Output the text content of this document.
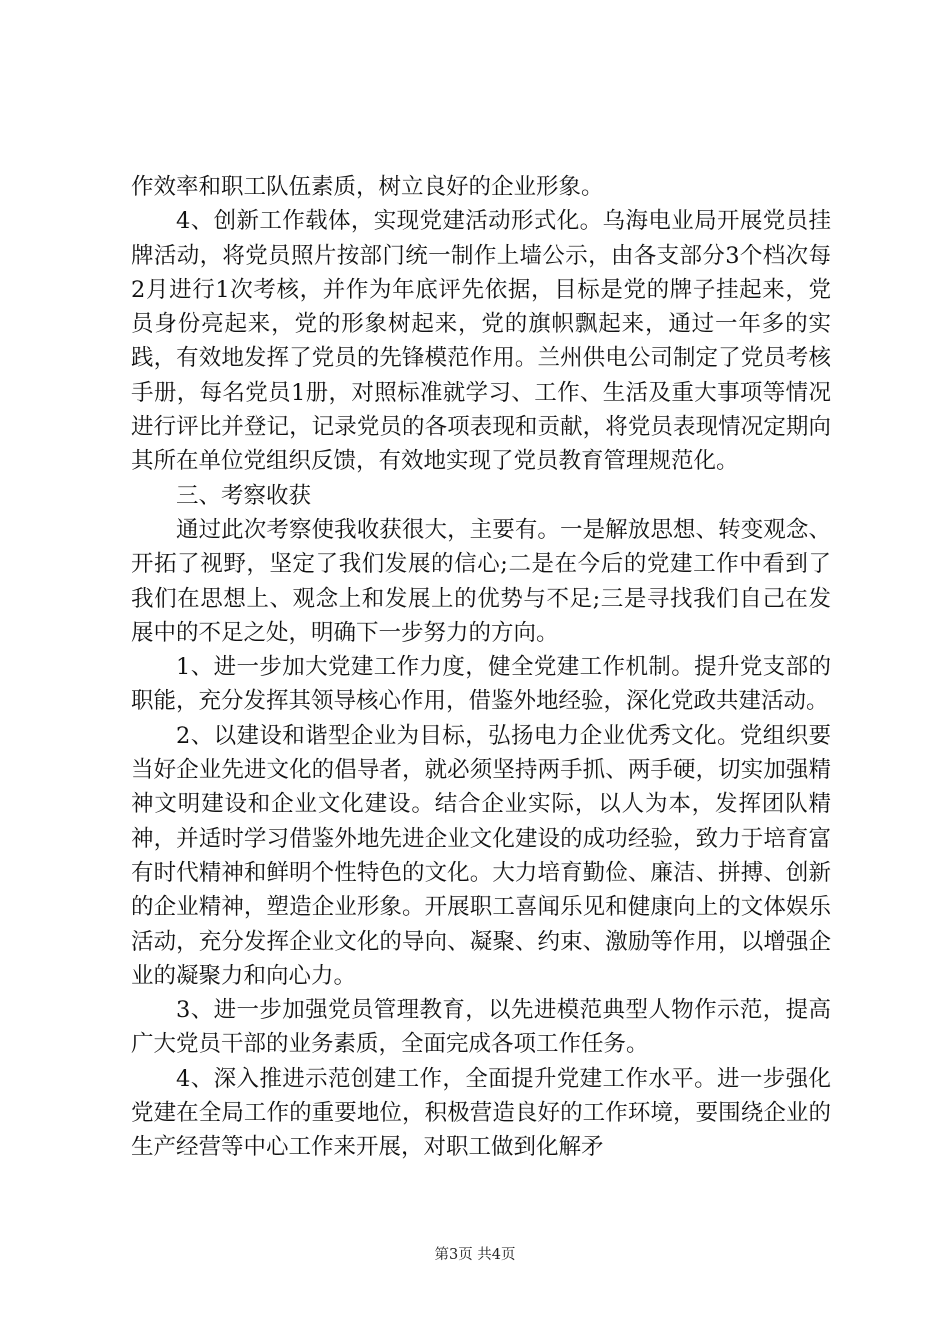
作效率和职工队伍素质，树立良好的企业形象。

4、创新工作载体，实现党建活动形式化。乌海电业局开展党员挂牌活动，将党员照片按部门统一制作上墙公示，由各支部分3个档次每2月进行1次考核，并作为年底评先依据，目标是党的牌子挂起来，党员身份亮起来，党的形象树起来，党的旗帜飘起来，通过一年多的实践，有效地发挥了党员的先锋模范作用。兰州供电公司制定了党员考核手册，每名党员1册，对照标准就学习、工作、生活及重大事项等情况进行评比并登记，记录党员的各项表现和贡献，将党员表现情况定期向其所在单位党组织反馈，有效地实现了党员教育管理规范化。

三、考察收获

通过此次考察使我收获很大，主要有。一是解放思想、转变观念、开拓了视野，坚定了我们发展的信心;二是在今后的党建工作中看到了我们在思想上、观念上和发展上的优势与不足;三是寻找我们自己在发展中的不足之处，明确下一步努力的方向。

1、进一步加大党建工作力度，健全党建工作机制。提升党支部的职能，充分发挥其领导核心作用，借鉴外地经验，深化党政共建活动。

2、以建设和谐型企业为目标，弘扬电力企业优秀文化。党组织要当好企业先进文化的倡导者，就必须坚持两手抓、两手硬，切实加强精神文明建设和企业文化建设。结合企业实际，以人为本，发挥团队精神，并适时学习借鉴外地先进企业文化建设的成功经验，致力于培育富有时代精神和鲜明个性特色的文化。大力培育勤俭、廉洁、拼搏、创新的企业精神，塑造企业形象。开展职工喜闻乐见和健康向上的文体娱乐活动，充分发挥企业文化的导向、凝聚、约束、激励等作用，以增强企业的凝聚力和向心力。

3、进一步加强党员管理教育，以先进模范典型人物作示范，提高广大党员干部的业务素质，全面完成各项工作任务。

4、深入推进示范创建工作，全面提升党建工作水平。进一步强化党建在全局工作的重要地位，积极营造良好的工作环境，要围绕企业的生产经营等中心工作来开展，对职工做到化解矛

第3页 共4页
